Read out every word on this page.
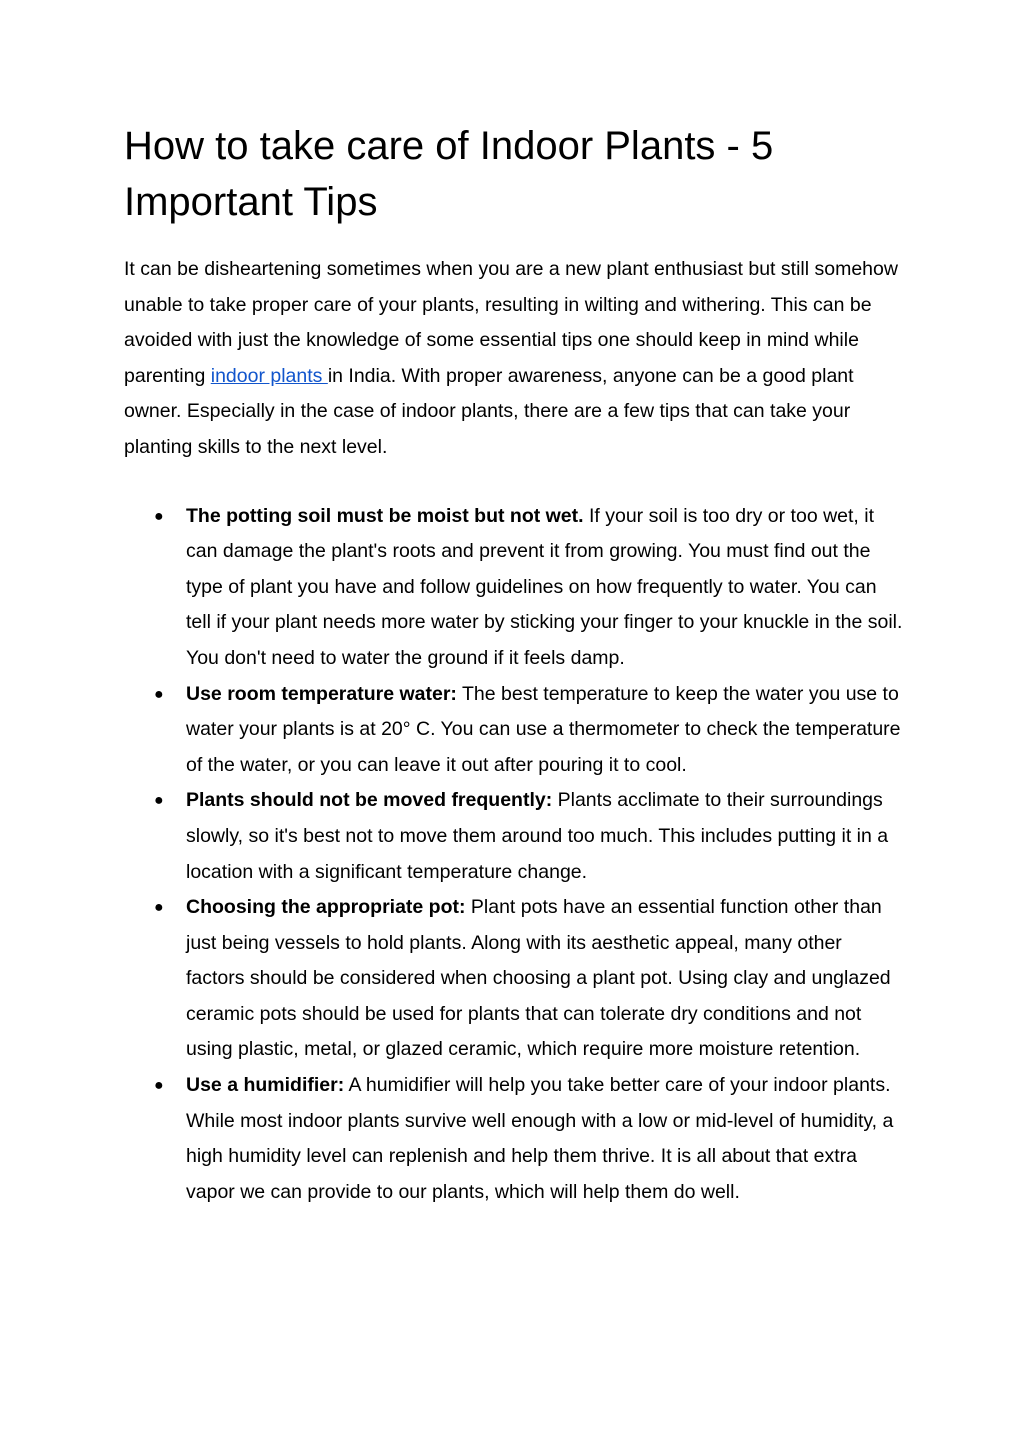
How to take care of Indoor Plants - 5 Important Tips

It can be disheartening sometimes when you are a new plant enthusiast but still somehow unable to take proper care of your plants, resulting in wilting and withering. This can be avoided with just the knowledge of some essential tips one should keep in mind while parenting indoor plants in India. With proper awareness, anyone can be a good plant owner. Especially in the case of indoor plants, there are a few tips that can take your planting skills to the next level.

● The potting soil must be moist but not wet. If your soil is too dry or too wet, it can damage the plant's roots and prevent it from growing. You must find out the type of plant you have and follow guidelines on how frequently to water. You can tell if your plant needs more water by sticking your finger to your knuckle in the soil. You don't need to water the ground if it feels damp.
● Use room temperature water: The best temperature to keep the water you use to water your plants is at 20° C. You can use a thermometer to check the temperature of the water, or you can leave it out after pouring it to cool.
● Plants should not be moved frequently: Plants acclimate to their surroundings slowly, so it's best not to move them around too much. This includes putting it in a location with a significant temperature change.
● Choosing the appropriate pot: Plant pots have an essential function other than just being vessels to hold plants. Along with its aesthetic appeal, many other factors should be considered when choosing a plant pot. Using clay and unglazed ceramic pots should be used for plants that can tolerate dry conditions and not using plastic, metal, or glazed ceramic, which require more moisture retention.
● Use a humidifier: A humidifier will help you take better care of your indoor plants. While most indoor plants survive well enough with a low or mid-level of humidity, a high humidity level can replenish and help them thrive. It is all about that extra vapor we can provide to our plants, which will help them do well.
